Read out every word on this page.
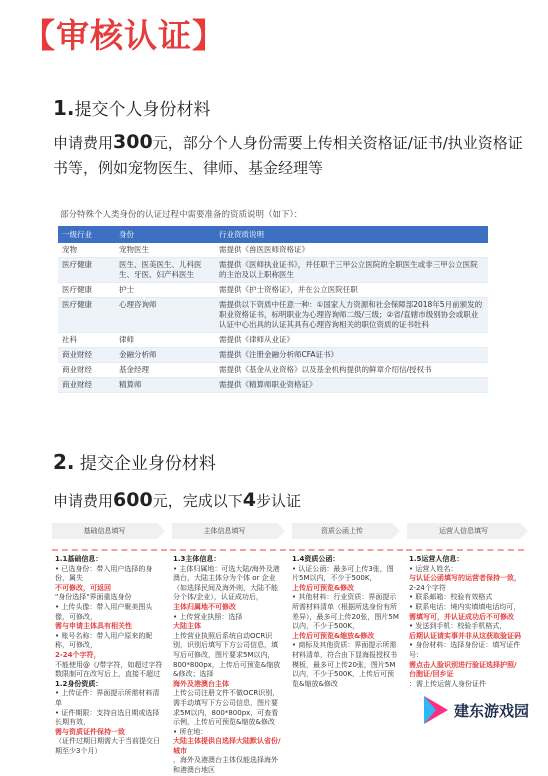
【审核认证】
1.提交个人身份材料
申请费用300元，部分个人身份需要上传相关资格证/证书/执业资格证书等，例如宠物医生、律师、基金经理等
部分特殊个人类身份的认证过程中需要准备的资质说明（如下）：
一级行业	身份	行业资质说明
宠物	宠物医生	需提供《兽医医师资格证》
医疗健康	医生、医美医生、儿科医生、牙医、妇产科医生	需提供《医师执业证书》，并任职于三甲公立医院的全职医生或非三甲公立医院的主治及以上职称医生
医疗健康	护士	需提供《护士资格证》，并在公立医院任职
医疗健康	心理咨询师	需提供以下资质中任意一种：①国家人力资源和社会保障部2018年5月前颁发的职业资格证书，标明职业为心理咨询师二级/三级；②省/直辖市级别协会或职业认证中心出具的认证其具有心理咨询相关的职位资质的证书牡科
社科	律师	需提供《律师从业证》
商业财经	金融分析师	需提供《注册金融分析师CFA证书》
商业财经	基金经理	需提供《基金从业资格》以及基金机构提供的鲜章介绍信/授权书
商业财经	精算师	需提供《精算师职业资格证》
2. 提交企业身份材料
申请费用600元，完成以下4步认证
基础信息填写	主体信息填写	资质公函上传	运营人信息填写

1.1基础信息：

• 已选身份：带入用户选择的身份，属失

不可修改，可返回

"身份选择"界面重选身份

• 上传头像：带入用户聚美图头像，可修改，

需与申请主体具有相关性

• 账号名称：带入用户原来的昵称，可修改，

2-24个字符，

不能使用@《/带字符，如超过字符数限制可在改写后上，直接不超过

1.2身份资质：

• 上传证件：界面提示所需材料清单

• 证件期限：支持自选日期或选择长期有效，

需与资质证件保持一致

（证件过期日期需大于当前提交日期至少3个月）

1.3主体信息：

• 主体归属地：可选大陆/海外及港澳台，大陆主体分为个体 or 企业（如选择民间及海外则，大陆不能分个体/企业），认证成功后，

主体归属地不可修改

• 上传营业执照：选择

大陆主体

上传营业执照后系统自动OCR识别，识别后填写下方公司信息，填写后可修改，图片要求5M以内，800*800px，上传后可预览&缩放&修改；选择

海外及港澳台主体

上传公司注册文件不做OCR识别，需手动填写下方公司信息，图片要求5M以内，800*800px，可查看示例，上传后可预览&缩放&修改

• 所在地：

大陆主体提供自选择大陆默认省份/城市

，海外及港澳台主体仅能选择海外和港澳台地区

1.4资质公函：

• 认证公函：最多可上传3张，图片5M以内，不少于500K，

上传后可预览&修改

• 其他材料：行业资质：界面提示所需材料清单（根据所选身份有所差异），最多可上传20张，图片5M以内，不少于500K，

上传后可预览&缩放&修改

• 商标及其他资质：界面提示所需材料清单，符合由下显海报授权书模板，最多可上传20张，图片5M以内，不少于500K，上传后可预览&缩放&修改

1.5运营人信息：

• 运营人姓名：

与认证公函填写的运营者保持一致，

2-24个字符

• 联系邮箱：校验有效格式

• 联系电话：境内实填填电话均可，

需填写可，并认证成功后不可修改

• 发送到手机：校验手机格式，

后期认证请实事并非从这获取验证码

• 身份材料：选择身份证：填写证件号：

需点击人脸识别进行验证选择护照/台胞证/回乡证

：需上传运营人身份证件

建东游戏园
